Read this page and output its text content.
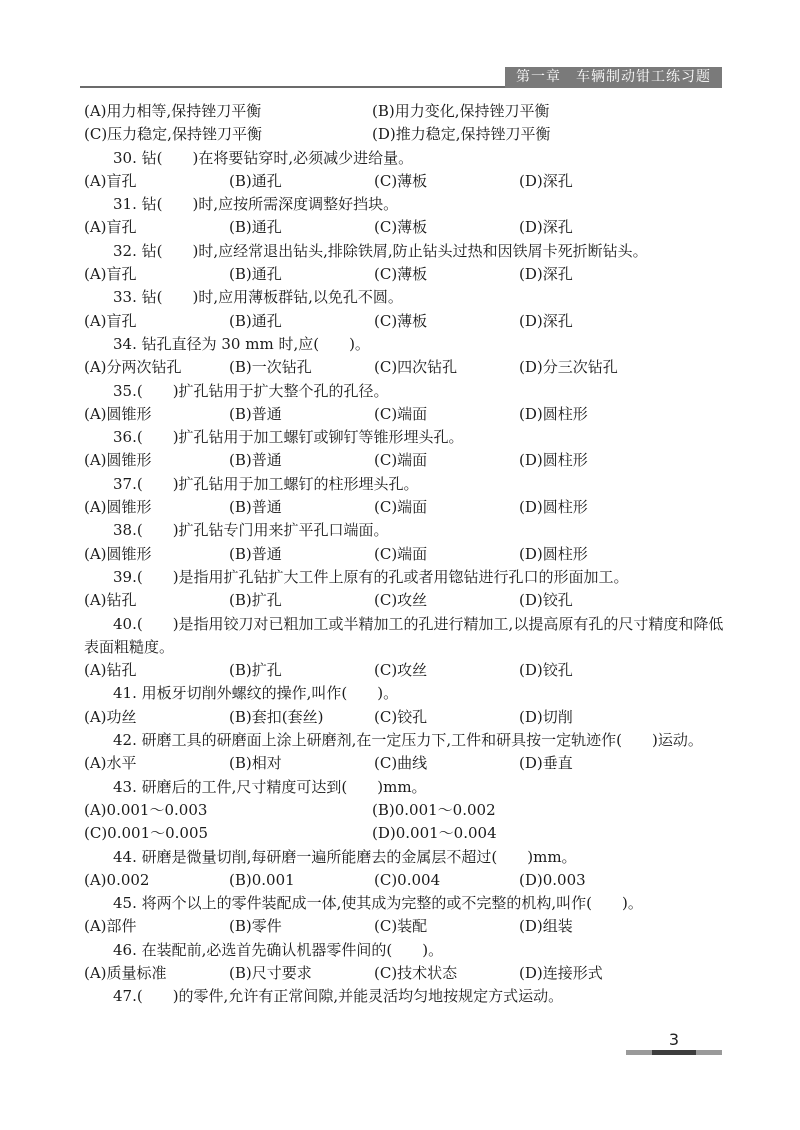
第一章　车辆制动钳工练习题
(A)用力相等,保持锉刀平衡	(B)用力变化,保持锉刀平衡
(C)压力稳定,保持锉刀平衡	(D)推力稳定,保持锉刀平衡
30. 钻(　　)在将要钻穿时,必须减少进给量。
(A)盲孔	(B)通孔	(C)薄板	(D)深孔
31. 钻(　　)时,应按所需深度调整好挡块。
(A)盲孔	(B)通孔	(C)薄板	(D)深孔
32. 钻(　　)时,应经常退出钻头,排除铁屑,防止钻头过热和因铁屑卡死折断钻头。
(A)盲孔	(B)通孔	(C)薄板	(D)深孔
33. 钻(　　)时,应用薄板群钻,以免孔不圆。
(A)盲孔	(B)通孔	(C)薄板	(D)深孔
34. 钻孔直径为 30 mm 时,应(　　)。
(A)分两次钻孔	(B)一次钻孔	(C)四次钻孔	(D)分三次钻孔
35.(　　)扩孔钻用于扩大整个孔的孔径。
(A)圆锥形	(B)普通	(C)端面	(D)圆柱形
36.(　　)扩孔钻用于加工螺钉或铆钉等锥形埋头孔。
(A)圆锥形	(B)普通	(C)端面	(D)圆柱形
37.(　　)扩孔钻用于加工螺钉的柱形埋头孔。
(A)圆锥形	(B)普通	(C)端面	(D)圆柱形
38.(　　)扩孔钻专门用来扩平孔口端面。
(A)圆锥形	(B)普通	(C)端面	(D)圆柱形
39.(　　)是指用扩孔钻扩大工件上原有的孔或者用锪钻进行孔口的形面加工。
(A)钻孔	(B)扩孔	(C)攻丝	(D)铰孔
40.(　　)是指用铰刀对已粗加工或半精加工的孔进行精加工,以提高原有孔的尺寸精度和降低表面粗糙度。
(A)钻孔	(B)扩孔	(C)攻丝	(D)铰孔
41. 用板牙切削外螺纹的操作,叫作(　　)。
(A)功丝	(B)套扣(套丝)	(C)铰孔	(D)切削
42. 研磨工具的研磨面上涂上研磨剂,在一定压力下,工件和研具按一定轨迹作(　　)运动。
(A)水平	(B)相对	(C)曲线	(D)垂直
43. 研磨后的工件,尺寸精度可达到(　　)mm。
(A)0.001～0.003	(B)0.001～0.002
(C)0.001～0.005	(D)0.001～0.004
44. 研磨是微量切削,每研磨一遍所能磨去的金属层不超过(　　)mm。
(A)0.002	(B)0.001	(C)0.004	(D)0.003
45. 将两个以上的零件装配成一体,使其成为完整的或不完整的机构,叫作(　　)。
(A)部件	(B)零件	(C)装配	(D)组装
46. 在装配前,必选首先确认机器零件间的(　　)。
(A)质量标准	(B)尺寸要求	(C)技术状态	(D)连接形式
47.(　　)的零件,允许有正常间隙,并能灵活均匀地按规定方式运动。
3
